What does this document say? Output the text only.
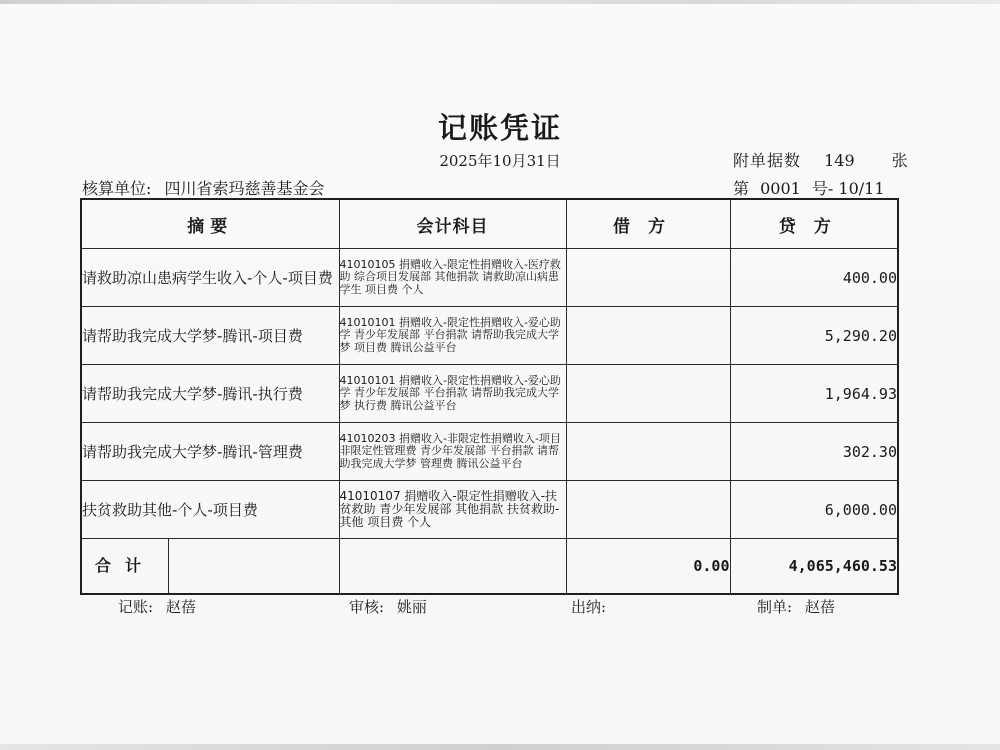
记账凭证
2025年10月31日	附单据数 149 张
核算单位: 四川省索玛慈善基金会	第 0001 号- 10/11
摘要	会计科目	借方	贷方
请救助凉山患病学生收入-个人-项目费	41010105 捐赠收入-限定性捐赠收入-医疗救助 综合项目发展部 其他捐款 请救助凉山病患学生 项目费 个人		400.00
请帮助我完成大学梦-腾讯-项目费	41010101 捐赠收入-限定性捐赠收入-爱心助学 青少年发展部 平台捐款 请帮助我完成大学梦 项目费 腾讯公益平台		5,290.20
请帮助我完成大学梦-腾讯-执行费	41010101 捐赠收入-限定性捐赠收入-爱心助学 青少年发展部 平台捐款 请帮助我完成大学梦 执行费 腾讯公益平台		1,964.93
请帮助我完成大学梦-腾讯-管理费	41010203 捐赠收入-非限定性捐赠收入-项目非限定性管理费 青少年发展部 平台捐款 请帮助我完成大学梦 管理费 腾讯公益平台		302.30
扶贫救助其他-个人-项目费	41010107 捐赠收入-限定性捐赠收入-扶贫救助 青少年发展部 其他捐款 扶贫救助-其他 项目费 个人		6,000.00

合计		0.00	4,065,460.53
记账: 赵蓓	审核: 姚丽	出纳:	制单: 赵蓓
